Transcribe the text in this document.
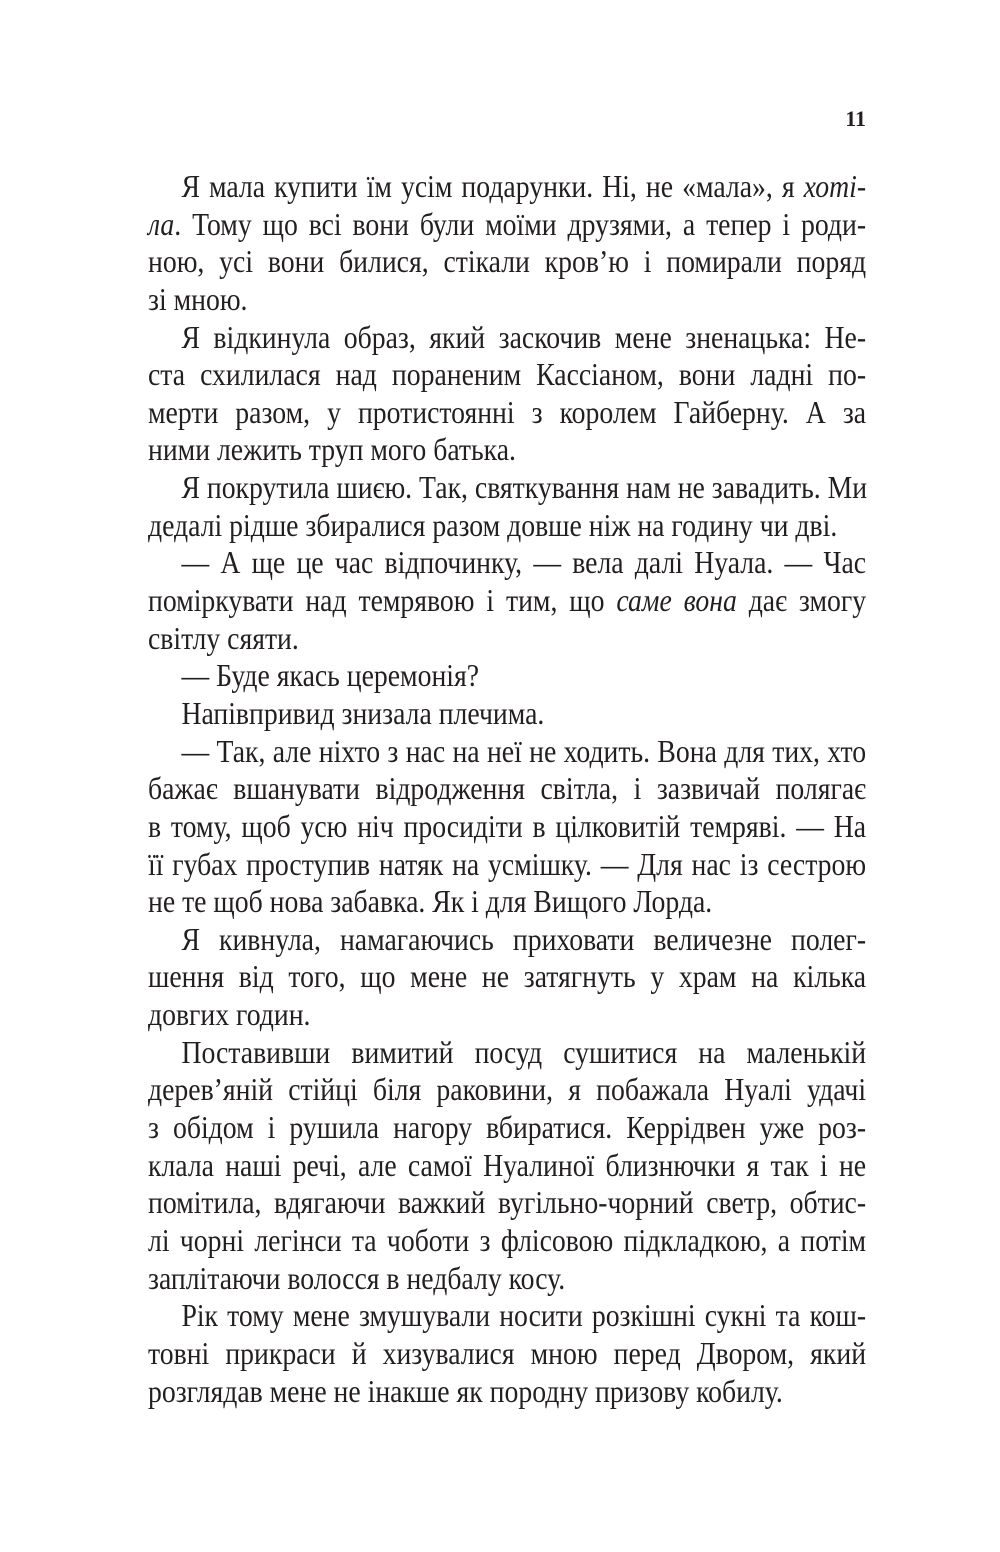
11
Я мала купити їм усім подарунки. Ні, не «мала», я хоті-
ла. Тому що всі вони були моїми друзями, а тепер і роди-
ною, усі вони билися, стікали кров’ю і помирали поряд
зі мною.
Я відкинула образ, який заскочив мене зненацька: Не-
ста схилилася над пораненим Кассіаном, вони ладні по-
мерти разом, у протистоянні з королем Гайберну. А за
ними лежить труп мого батька.
Я покрутила шиєю. Так, святкування нам не завадить. Ми
дедалі рідше збиралися разом довше ніж на годину чи дві.
— А ще це час відпочинку, — вела далі Нуала. — Час
поміркувати над темрявою і тим, що саме вона дає змогу
світлу сяяти.
— Буде якась церемонія?
Напівпривид знизала плечима.
— Так, але ніхто з нас на неї не ходить. Вона для тих, хто
бажає вшанувати відродження світла, і зазвичай полягає
в тому, щоб усю ніч просидіти в цілковитій темряві. — На
її губах проступив натяк на усмішку. — Для нас із сестрою
не те щоб нова забавка. Як і для Вищого Лорда.
Я кивнула, намагаючись приховати величезне полег-
шення від того, що мене не затягнуть у храм на кілька
довгих годин.
Поставивши вимитий посуд сушитися на маленькій
дерев’яній стійці біля раковини, я побажала Нуалі удачі
з обідом і рушила нагору вбиратися. Керрідвен уже роз-
клала наші речі, але самої Нуалиної близнючки я так і не
помітила, вдягаючи важкий вугільно-чорний светр, обтис-
лі чорні легінси та чоботи з флісовою підкладкою, а потім
заплітаючи волосся в недбалу косу.
Рік тому мене змушували носити розкішні сукні та кош-
товні прикраси й хизувалися мною перед Двором, який
розглядав мене не інакше як породну призову кобилу.
